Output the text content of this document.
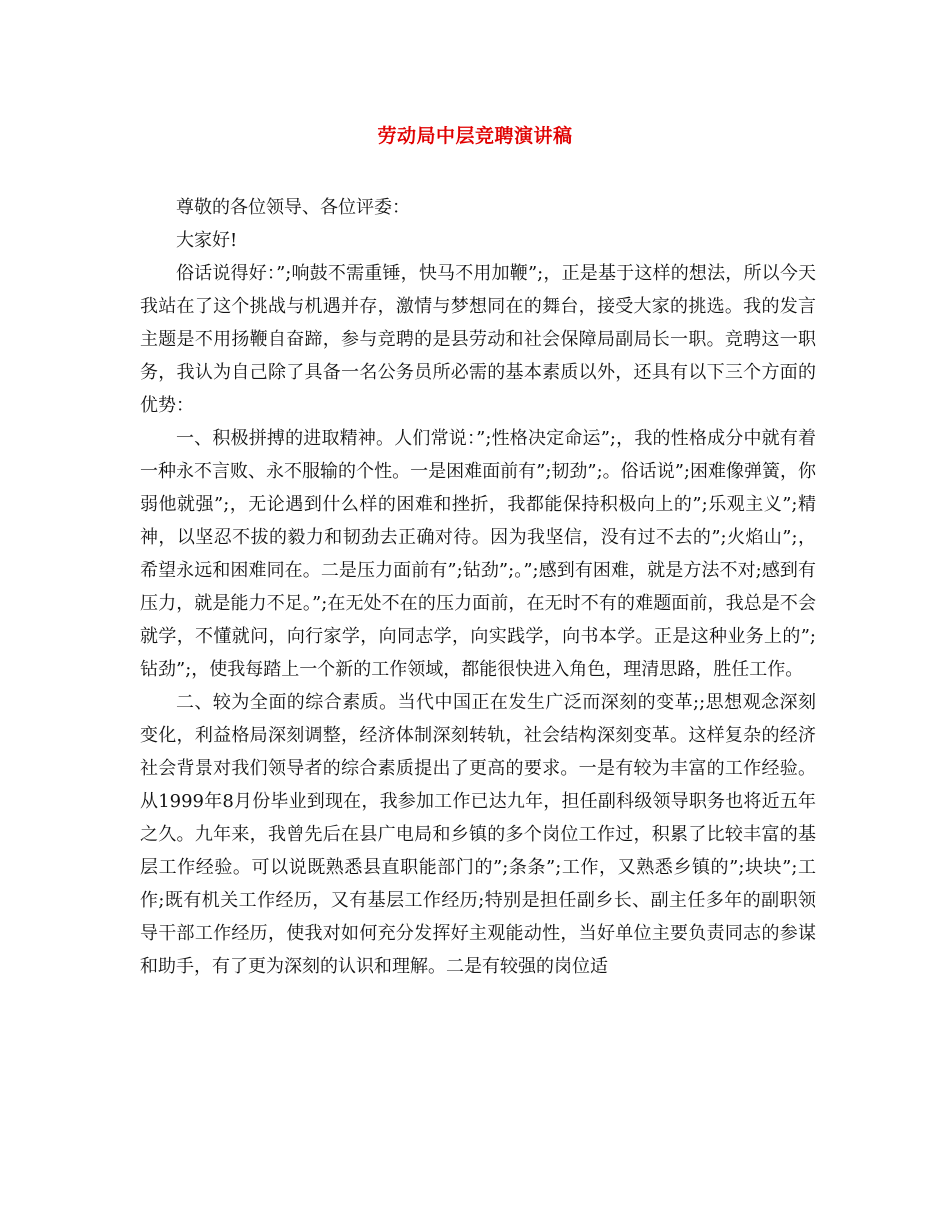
劳动局中层竞聘演讲稿

尊敬的各位领导、各位评委：

大家好!

俗话说得好：”;响鼓不需重锤，快马不用加鞭”;，正是基于这样的想法，所以今天我站在了这个挑战与机遇并存，激情与梦想同在的舞台，接受大家的挑选。我的发言主题是不用扬鞭自奋蹄，参与竞聘的是县劳动和社会保障局副局长一职。竞聘这一职务，我认为自己除了具备一名公务员所必需的基本素质以外，还具有以下三个方面的优势：

一、积极拼搏的进取精神。人们常说：”;性格决定命运”;，我的性格成分中就有着一种永不言败、永不服输的个性。一是困难面前有”;韧劲”;。俗话说”;困难像弹簧，你弱他就强”;，无论遇到什么样的困难和挫折，我都能保持积极向上的”;乐观主义”;精神，以坚忍不拔的毅力和韧劲去正确对待。因为我坚信，没有过不去的”;火焰山”;，希望永远和困难同在。二是压力面前有”;钻劲”;。”;感到有困难，就是方法不对;感到有压力，就是能力不足。”;在无处不在的压力面前，在无时不有的难题面前，我总是不会就学，不懂就问，向行家学，向同志学，向实践学，向书本学。正是这种业务上的”;钻劲”;，使我每踏上一个新的工作领域，都能很快进入角色，理清思路，胜任工作。

二、较为全面的综合素质。当代中国正在发生广泛而深刻的变革;;思想观念深刻变化，利益格局深刻调整，经济体制深刻转轨，社会结构深刻变革。这样复杂的经济社会背景对我们领导者的综合素质提出了更高的要求。一是有较为丰富的工作经验。从1999年8月份毕业到现在，我参加工作已达九年，担任副科级领导职务也将近五年之久。九年来，我曾先后在县广电局和乡镇的多个岗位工作过，积累了比较丰富的基层工作经验。可以说既熟悉县直职能部门的”;条条”;工作，又熟悉乡镇的”;块块”;工作;既有机关工作经历，又有基层工作经历;特别是担任副乡长、副主任多年的副职领导干部工作经历，使我对如何充分发挥好主观能动性，当好单位主要负责同志的参谋和助手，有了更为深刻的认识和理解。二是有较强的岗位适
